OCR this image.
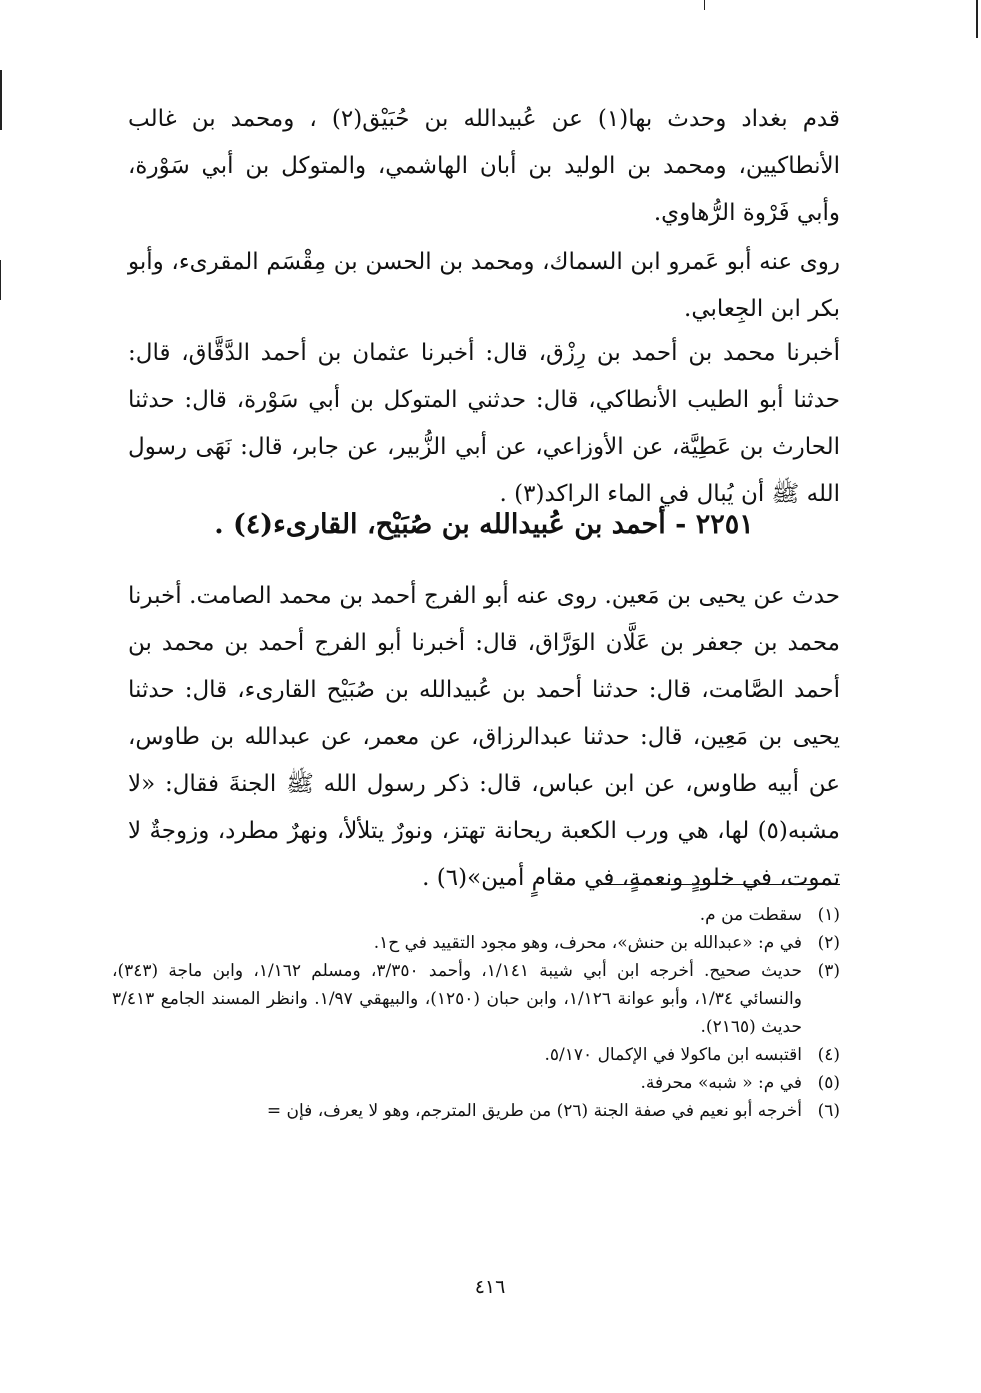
قدم بغداد وحدث بها(١) عن عُبيدالله بن حُبَيْق(٢) ، ومحمد بن غالب الأنطاكيين، ومحمد بن الوليد بن أبان الهاشمي، والمتوكل بن أبي سَوْرة، وأبي فَرْوة الرُّهاوي.

روى عنه أبو عَمرو ابن السماك، ومحمد بن الحسن بن مِقْسَم المقرىء، وأبو بكر ابن الجِعابي.

أخبرنا محمد بن أحمد بن رِزْق، قال: أخبرنا عثمان بن أحمد الدَّقَّاق، قال: حدثنا أبو الطيب الأنطاكي، قال: حدثني المتوكل بن أبي سَوْرة، قال: حدثنا الحارث بن عَطِيَّة، عن الأوزاعي، عن أبي الزُّبير، عن جابر، قال: نَهَى رسول الله ﷺ أن يُبال في الماء الراكد(٣) .

٢٢٥١ - أحمد بن عُبيدالله بن صُبَيْح، القارىء(٤) .

حدث عن يحيى بن مَعين. روى عنه أبو الفرج أحمد بن محمد الصامت. أخبرنا محمد بن جعفر بن عَلَّان الوَرَّاق، قال: أخبرنا أبو الفرج أحمد بن محمد بن أحمد الصَّامت، قال: حدثنا أحمد بن عُبيدالله بن صُبَيْح القارىء، قال: حدثنا يحيى بن مَعِين، قال: حدثنا عبدالرزاق، عن معمر، عن عبدالله بن طاوس، عن أبيه طاوس، عن ابن عباس، قال: ذكر رسول الله ﷺ الجنةَ فقال: «لا مشبه(٥) لها، هي ورب الكعبة ريحانة تهتز، ونورٌ يتلألأ، ونهرٌ مطرد، وزوجةٌ لا تموت، في خلودٍ ونعمةٍ، في مقامٍ أمين»(٦) .

(١)
سقطت من م.
(٢)
في م: «عبدالله بن حنش»، محرف، وهو مجود التقييد في ح١.
(٣)
حديث صحيح. أخرجه ابن أبي شيبة ١/١٤١، وأحمد ٣/٣٥٠، ومسلم ١/١٦٢، وابن ماجة (٣٤٣)، والنسائي ١/٣٤، وأبو عوانة ١/١٢٦، وابن حبان (١٢٥٠)، والبيهقي ١/٩٧. وانظر المسند الجامع ٣/٤١٣ حديث (٢١٦٥).
(٤)
اقتبسه ابن ماكولا في الإكمال ٥/١٧٠.
(٥)
في م: « شبه» محرفة.
(٦)
أخرجه أبو نعيم في صفة الجنة (٢٦) من طريق المترجم، وهو لا يعرف، فإن =
٤١٦
